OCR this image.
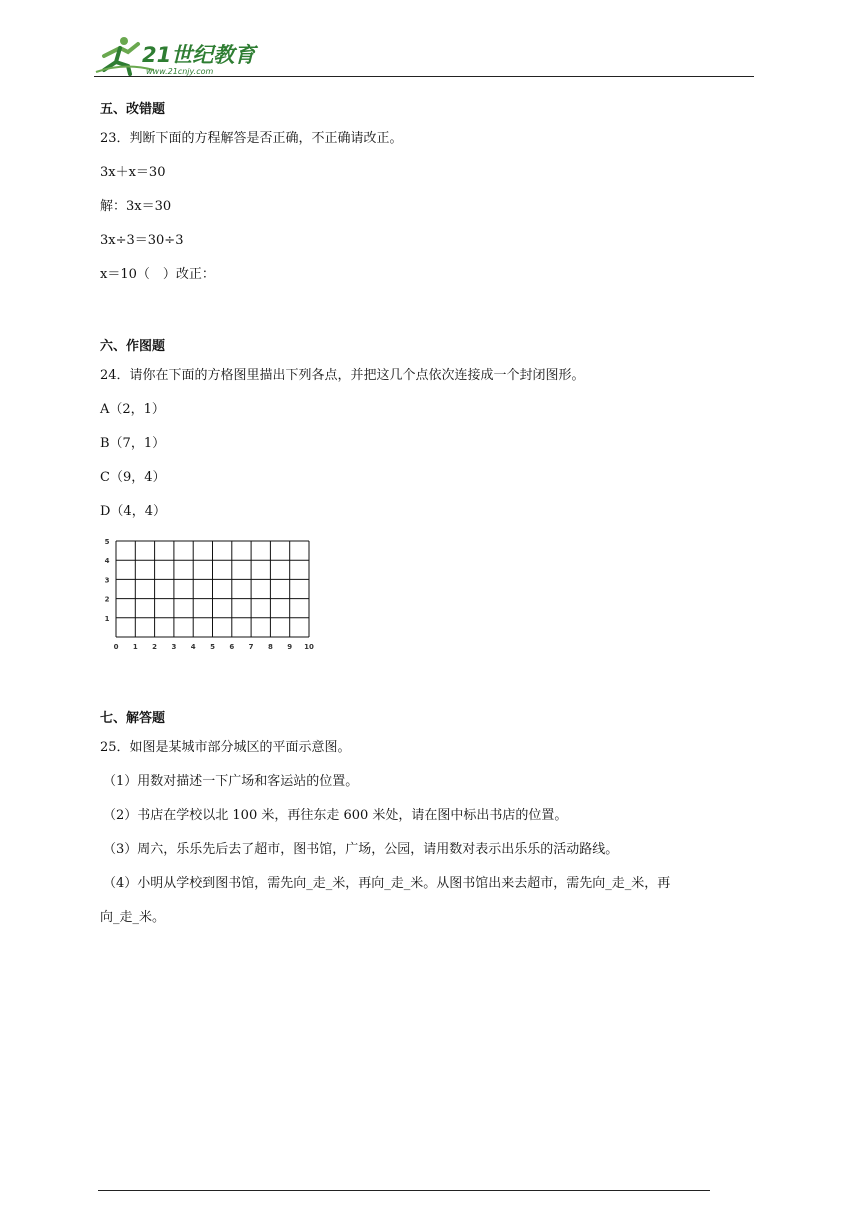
21世纪教育
www.21cnjy.com
五、改错题
23．判断下面的方程解答是否正确，不正确请改正。
3x＋x＝30
解：3x＝30
3x÷3＝30÷3
x＝10（　）改正：
六、作图题
24．请你在下面的方格图里描出下列各点，并把这几个点依次连接成一个封闭图形。
A（2，1）
B（7，1）
C（9，4）
D（4，4）
0 1 2 3 4 5 6 7 8 9 10
1
2
3
4
5
七、解答题
25．如图是某城市部分城区的平面示意图。
（1）用数对描述一下广场和客运站的位置。
（2）书店在学校以北 100 米，再往东走 600 米处，请在图中标出书店的位置。
（3）周六，乐乐先后去了超市，图书馆，广场，公园，请用数对表示出乐乐的活动路线。
（4）小明从学校到图书馆，需先向_走_米，再向_走_米。从图书馆出来去超市，需先向_走_米，再
向_走_米。
